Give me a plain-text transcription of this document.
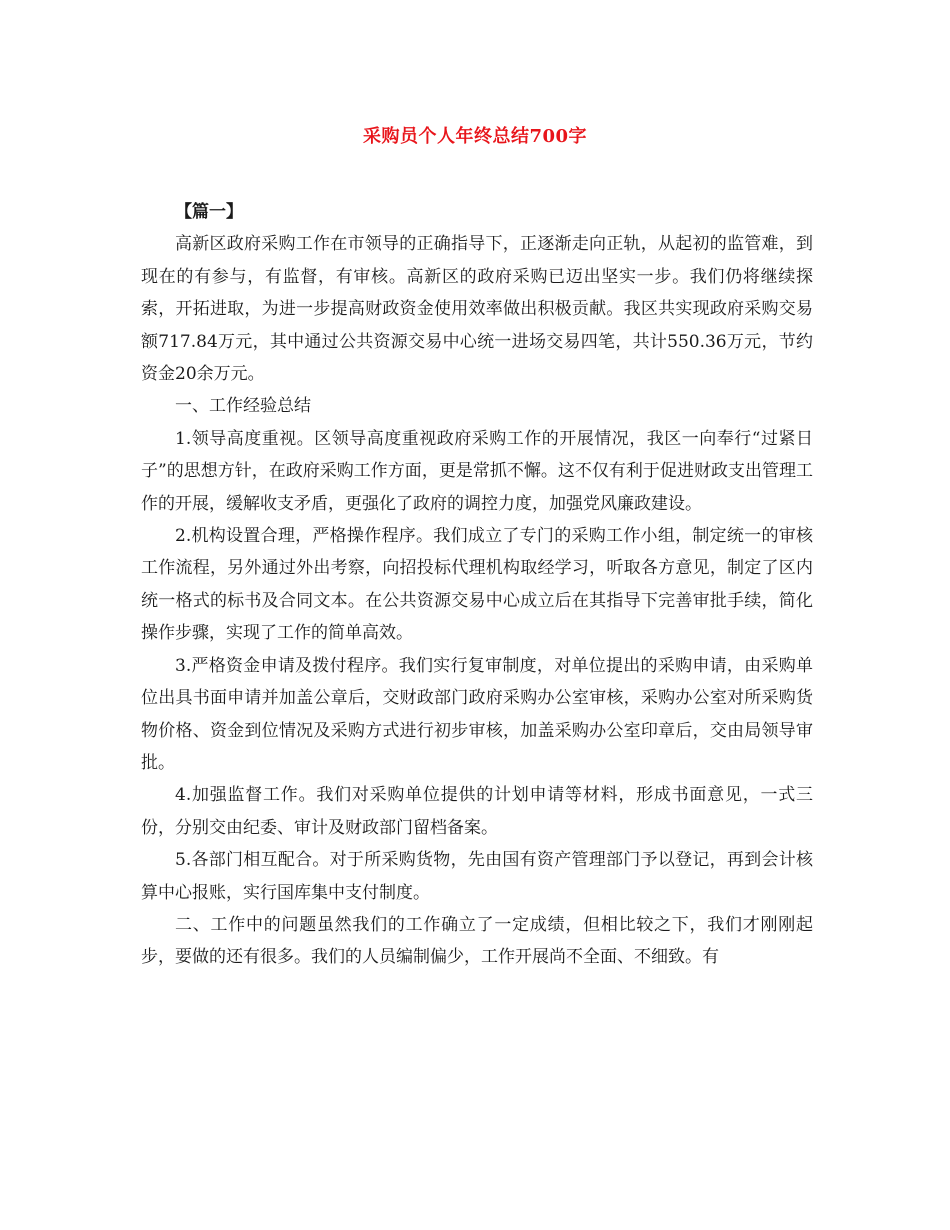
采购员个人年终总结700字

【篇一】

高新区政府采购工作在市领导的正确指导下，正逐渐走向正轨，从起初的监管难，到现在的有参与，有监督，有审核。高新区的政府采购已迈出坚实一步。我们仍将继续探索，开拓进取，为进一步提高财政资金使用效率做出积极贡献。我区共实现政府采购交易额717.84万元，其中通过公共资源交易中心统一进场交易四笔，共计550.36万元，节约资金20余万元。

一、工作经验总结

1.领导高度重视。区领导高度重视政府采购工作的开展情况，我区一向奉行“过紧日子”的思想方针，在政府采购工作方面，更是常抓不懈。这不仅有利于促进财政支出管理工作的开展，缓解收支矛盾，更强化了政府的调控力度，加强党风廉政建设。

2.机构设置合理，严格操作程序。我们成立了专门的采购工作小组，制定统一的审核工作流程，另外通过外出考察，向招投标代理机构取经学习，听取各方意见，制定了区内统一格式的标书及合同文本。在公共资源交易中心成立后在其指导下完善审批手续，简化操作步骤，实现了工作的简单高效。

3.严格资金申请及拨付程序。我们实行复审制度，对单位提出的采购申请，由采购单位出具书面申请并加盖公章后，交财政部门政府采购办公室审核，采购办公室对所采购货物价格、资金到位情况及采购方式进行初步审核，加盖采购办公室印章后，交由局领导审批。

4.加强监督工作。我们对采购单位提供的计划申请等材料，形成书面意见，一式三份，分别交由纪委、审计及财政部门留档备案。

5.各部门相互配合。对于所采购货物，先由国有资产管理部门予以登记，再到会计核算中心报账，实行国库集中支付制度。

二、工作中的问题虽然我们的工作确立了一定成绩，但相比较之下，我们才刚刚起步，要做的还有很多。我们的人员编制偏少，工作开展尚不全面、不细致。有
